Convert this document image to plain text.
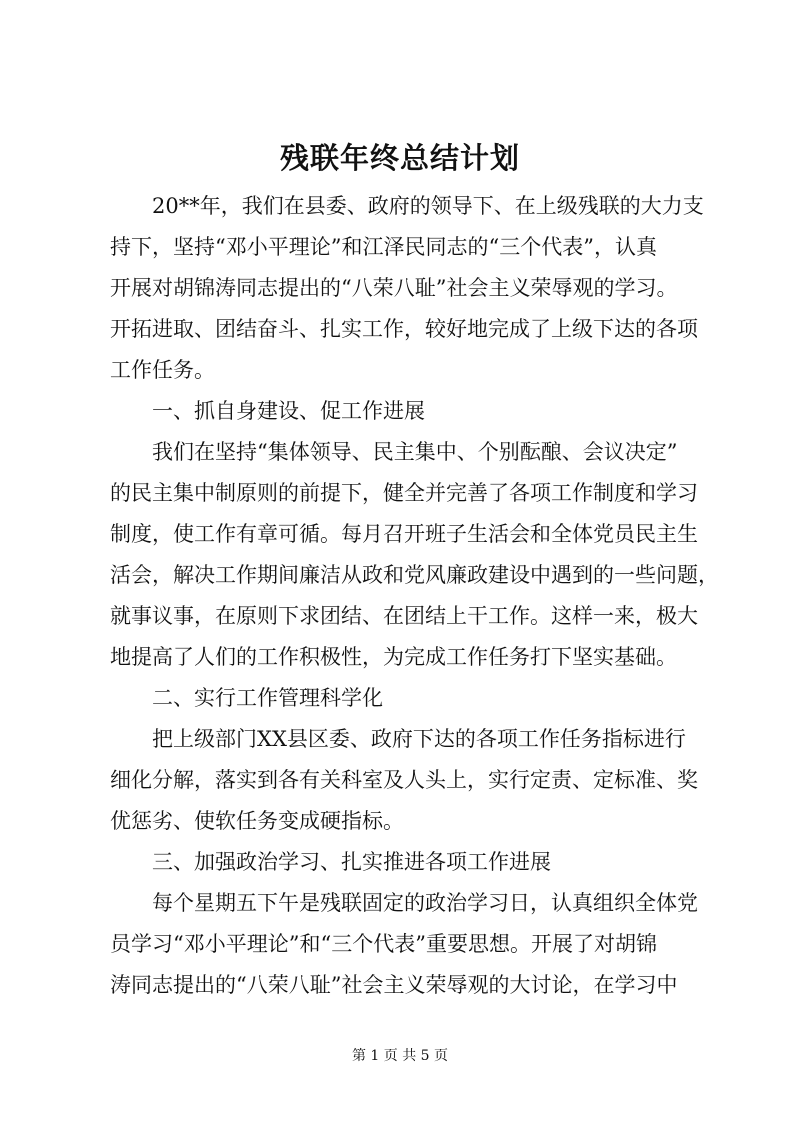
残联年终总结计划
20**年，我们在县委、政府的领导下、在上级残联的大力支
持下，坚持“邓小平理论”和江泽民同志的“三个代表”，认真
开展对胡锦涛同志提出的“八荣八耻”社会主义荣辱观的学习。
开拓进取、团结奋斗、扎实工作，较好地完成了上级下达的各项
工作任务。
一、抓自身建设、促工作进展
我们在坚持“集体领导、民主集中、个别酝酿、会议决定”
的民主集中制原则的前提下，健全并完善了各项工作制度和学习
制度，使工作有章可循。每月召开班子生活会和全体党员民主生
活会，解决工作期间廉洁从政和党风廉政建设中遇到的一些问题，
就事议事，在原则下求团结、在团结上干工作。这样一来，极大
地提高了人们的工作积极性，为完成工作任务打下坚实基础。
二、实行工作管理科学化
把上级部门XX县区委、政府下达的各项工作任务指标进行
细化分解，落实到各有关科室及人头上，实行定责、定标准、奖
优惩劣、使软任务变成硬指标。
三、加强政治学习、扎实推进各项工作进展
每个星期五下午是残联固定的政治学习日，认真组织全体党
员学习“邓小平理论”和“三个代表”重要思想。开展了对胡锦
涛同志提出的“八荣八耻”社会主义荣辱观的大讨论，在学习中
第 1 页 共 5 页
